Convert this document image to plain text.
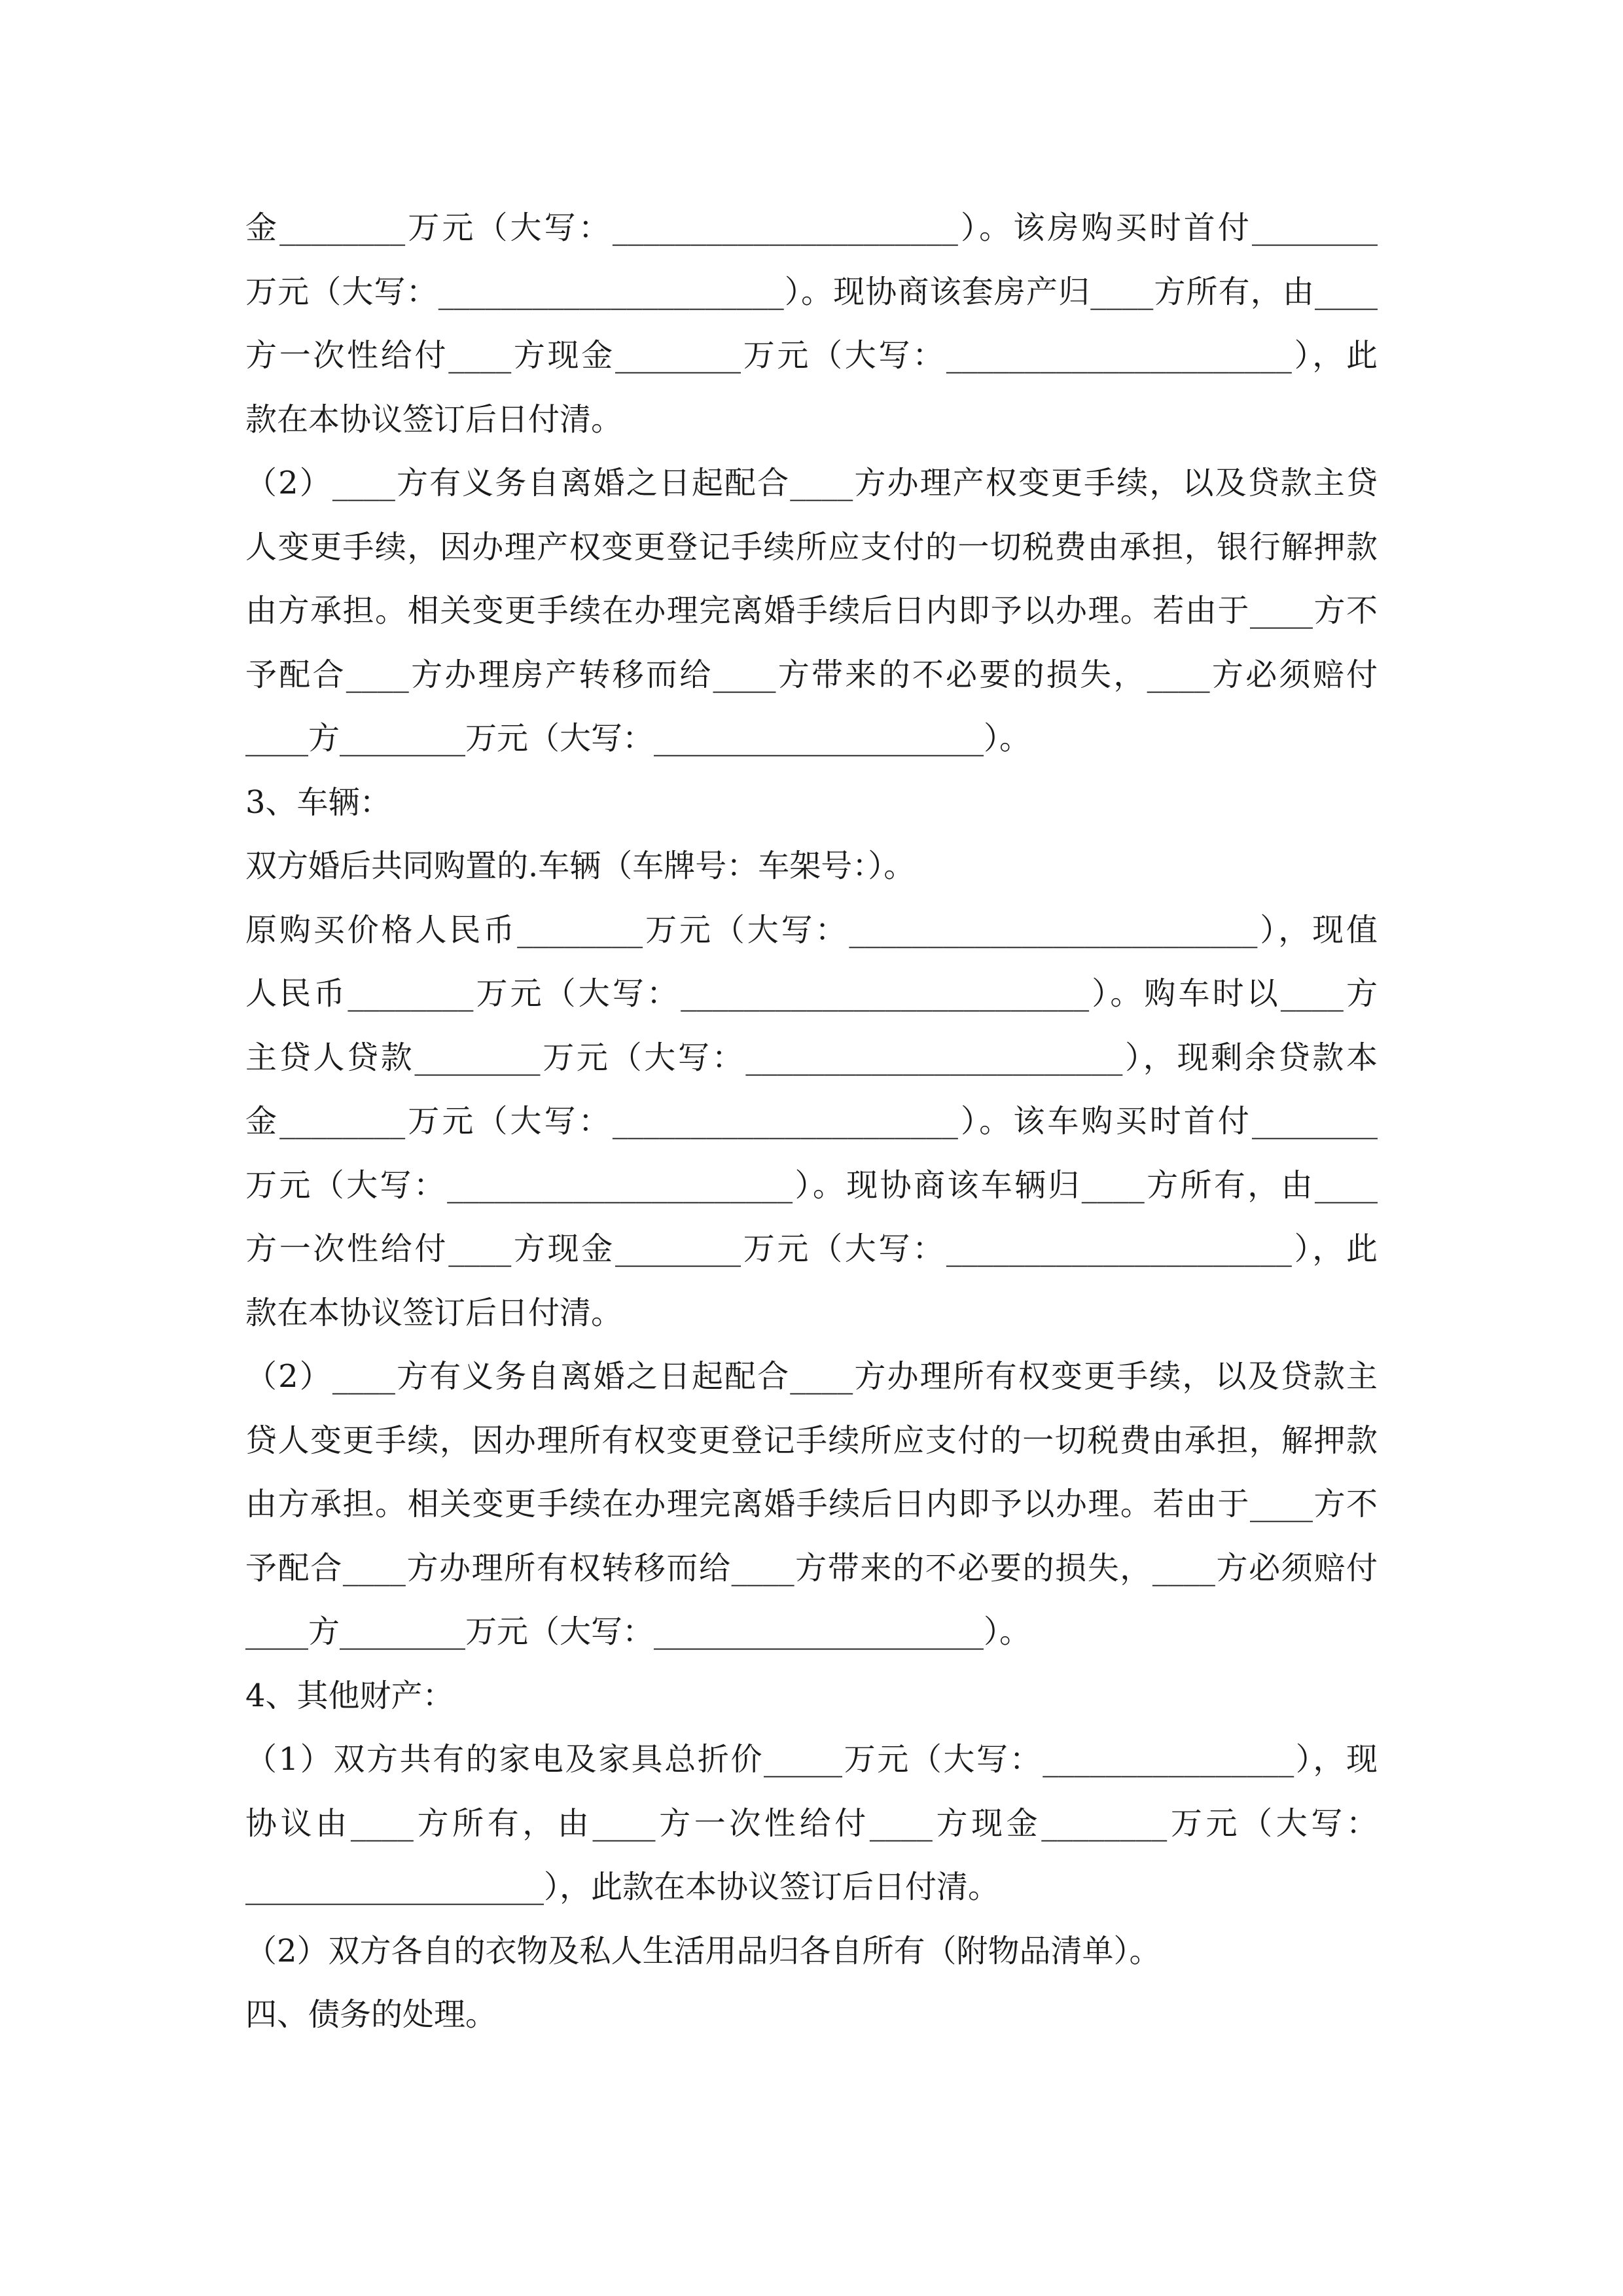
金________万元（大写：______________________）。该房购买时首付________
万元（大写：______________________）。现协商该套房产归____方所有，由____
方一次性给付____方现金________万元（大写：______________________），此
款在本协议签订后日付清。
（2）____方有义务自离婚之日起配合____方办理产权变更手续，以及贷款主贷
人变更手续，因办理产权变更登记手续所应支付的一切税费由承担，银行解押款
由方承担。相关变更手续在办理完离婚手续后日内即予以办理。若由于____方不
予配合____方办理房产转移而给____方带来的不必要的损失，____方必须赔付
____方________万元（大写：_____________________）。
3、车辆：
双方婚后共同购置的.车辆（车牌号：车架号：）。
原购买价格人民币________万元（大写：__________________________），现值
人民币________万元（大写：__________________________）。购车时以____方
主贷人贷款________万元（大写：________________________），现剩余贷款本
金________万元（大写：______________________）。该车购买时首付________
万元（大写：______________________）。现协商该车辆归____方所有，由____
方一次性给付____方现金________万元（大写：______________________），此
款在本协议签订后日付清。
（2）____方有义务自离婚之日起配合____方办理所有权变更手续，以及贷款主
贷人变更手续，因办理所有权变更登记手续所应支付的一切税费由承担，解押款
由方承担。相关变更手续在办理完离婚手续后日内即予以办理。若由于____方不
予配合____方办理所有权转移而给____方带来的不必要的损失，____方必须赔付
____方________万元（大写：_____________________）。
4、其他财产：
（1）双方共有的家电及家具总折价_____万元（大写：________________），现
协议由____方所有，由____方一次性给付____方现金________万元（大写：
___________________），此款在本协议签订后日付清。
（2）双方各自的衣物及私人生活用品归各自所有（附物品清单）。
四、债务的处理。
